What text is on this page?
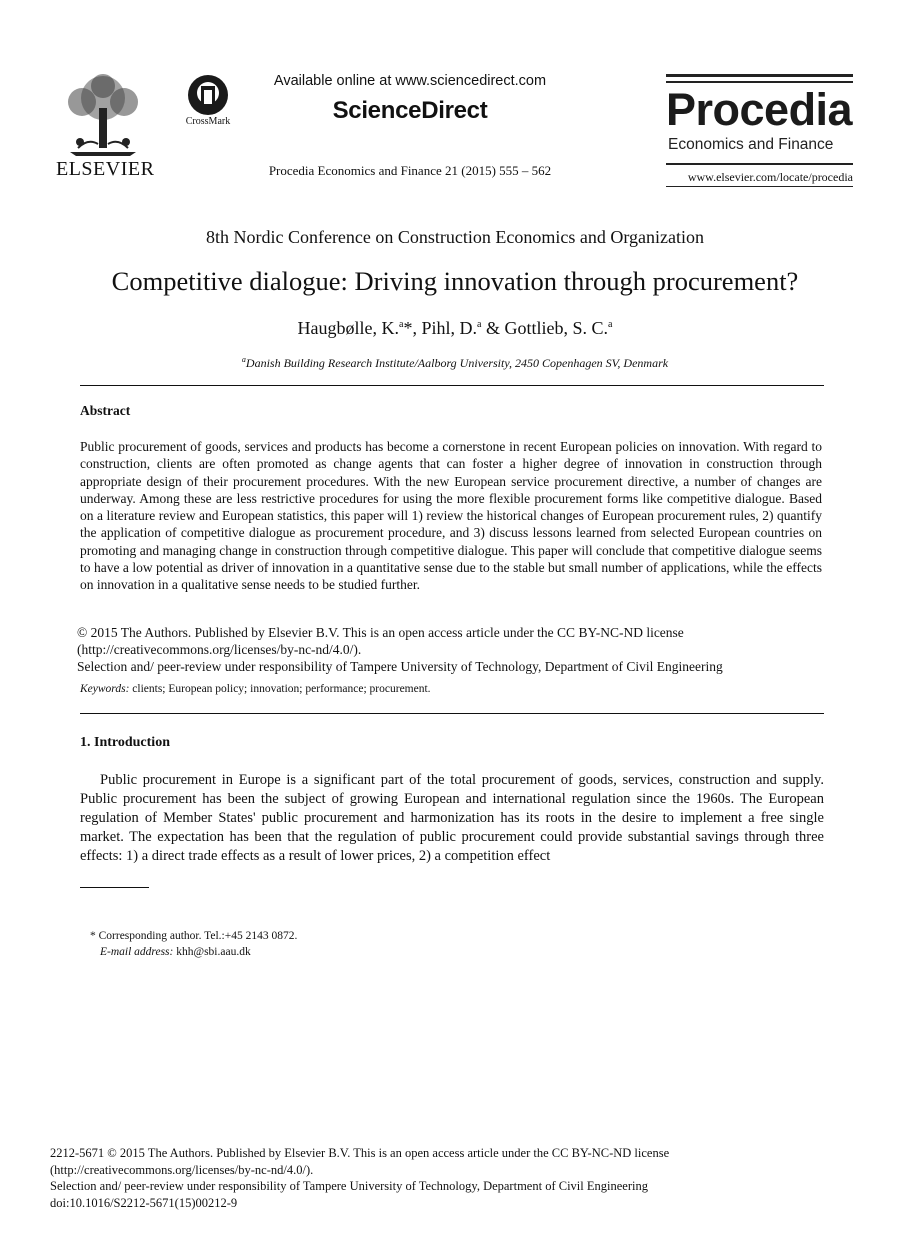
ELSEVIER
CrossMark
Available online at www.sciencedirect.com
ScienceDirect
Procedia Economics and Finance 21 (2015) 555 – 562
Procedia
Economics and Finance
www.elsevier.com/locate/procedia
8th Nordic Conference on Construction Economics and Organization
Competitive dialogue: Driving innovation through procurement?
Haugbølle, K.$^a$*, Pihl, D.$^a$ & Gottlieb, S. C.$^a$
$^a$Danish Building Research Institute/Aalborg University, 2450 Copenhagen SV, Denmark
Abstract
Public procurement of goods, services and products has become a cornerstone in recent European policies on innovation. With regard to construction, clients are often promoted as change agents that can foster a higher degree of innovation in construction through appropriate design of their procurement procedures. With the new European service procurement directive, a number of changes are underway. Among these are less restrictive procedures for using the more flexible procurement forms like competitive dialogue. Based on a literature review and European statistics, this paper will 1) review the historical changes of European procurement rules, 2) quantify the application of competitive dialogue as procurement procedure, and 3) discuss lessons learned from selected European countries on promoting and managing change in construction through competitive dialogue. This paper will conclude that competitive dialogue seems to have a low potential as driver of innovation in a quantitative sense due to the stable but small number of applications, while the effects on innovation in a qualitative sense needs to be studied further.
© 2015 The Authors. Published by Elsevier B.V. This is an open access article under the CC BY-NC-ND license
(http://creativecommons.org/licenses/by-nc-nd/4.0/).
Selection and/ peer-review under responsibility of Tampere University of Technology, Department of Civil Engineering
Keywords: clients; European policy; innovation; performance; procurement.
1. Introduction
Public procurement in Europe is a significant part of the total procurement of goods, services, construction and supply. Public procurement has been the subject of growing European and international regulation since the 1960s. The European regulation of Member States' public procurement and harmonization has its roots in the desire to implement a free single market. The expectation has been that the regulation of public procurement could provide substantial savings through three effects: 1) a direct trade effects as a result of lower prices, 2) a competition effect
* Corresponding author. Tel.:+45 2143 0872.
E-mail address: khh@sbi.aau.dk
2212-5671 © 2015 The Authors. Published by Elsevier B.V. This is an open access article under the CC BY-NC-ND license
(http://creativecommons.org/licenses/by-nc-nd/4.0/).
Selection and/ peer-review under responsibility of Tampere University of Technology, Department of Civil Engineering
doi:10.1016/S2212-5671(15)00212-9
